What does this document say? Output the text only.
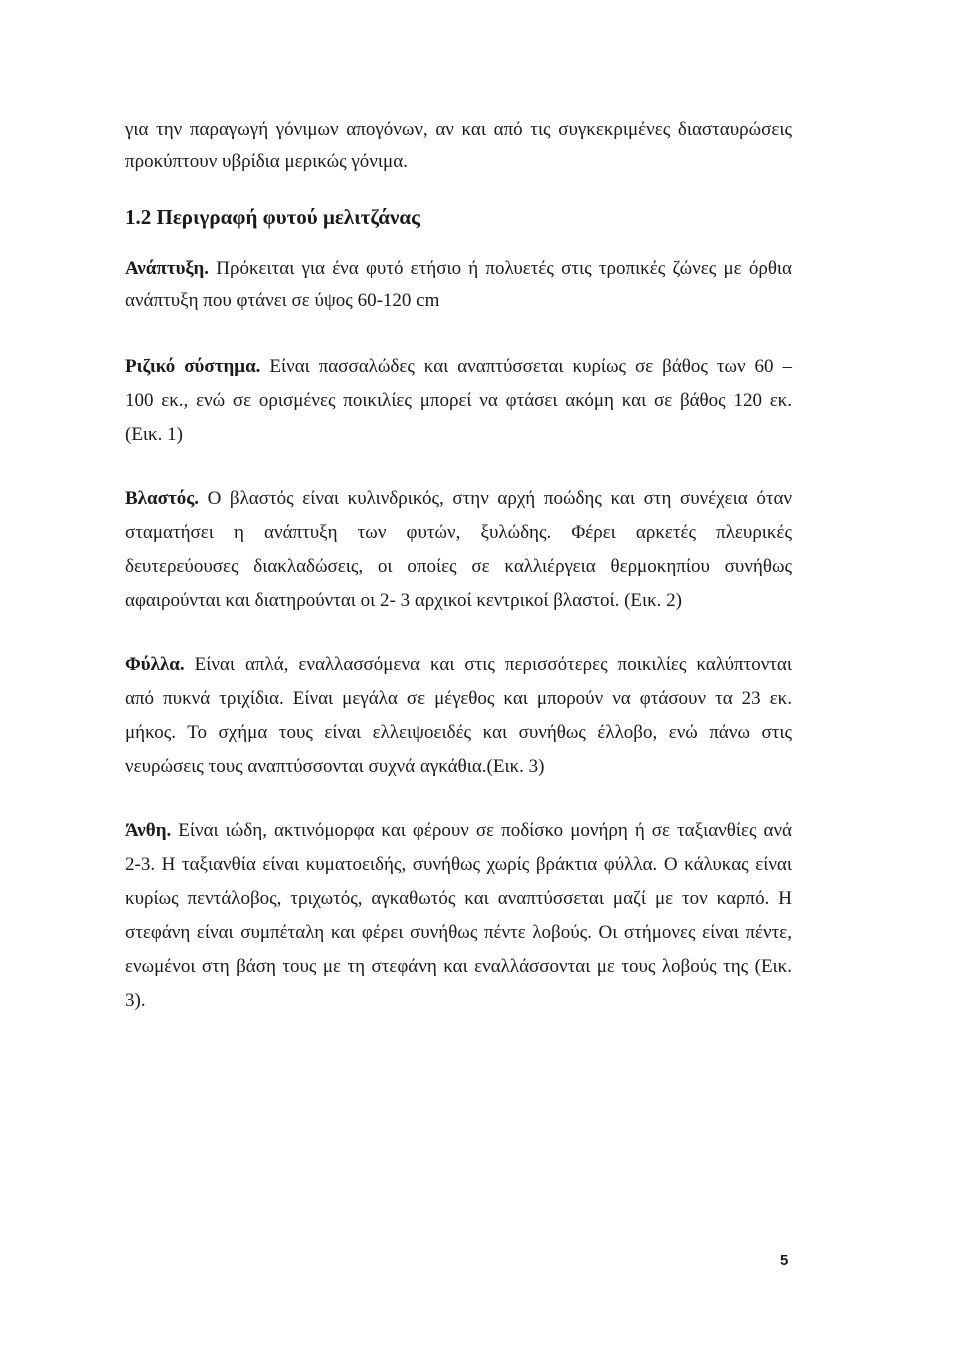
για την παραγωγή γόνιμων απογόνων, αν και από τις συγκεκριμένες διασταυρώσεις
προκύπτουν υβρίδια μερικώς γόνιμα.
1.2 Περιγραφή φυτού μελιτζάνας
Ανάπτυξη. Πρόκειται για ένα φυτό ετήσιο ή πολυετές στις τροπικές ζώνες με όρθια
ανάπτυξη που φτάνει σε ύψος 60-120 cm
Ριζικό σύστημα. Είναι πασσαλώδες και αναπτύσσεται κυρίως σε βάθος των 60 –
100 εκ., ενώ σε ορισμένες ποικιλίες μπορεί να φτάσει ακόμη και σε βάθος 120 εκ.
(Εικ. 1)
Βλαστός. Ο βλαστός είναι κυλινδρικός, στην αρχή ποώδης και στη συνέχεια όταν
σταματήσει η ανάπτυξη των φυτών, ξυλώδης. Φέρει αρκετές πλευρικές
δευτερεύουσες διακλαδώσεις, οι οποίες σε καλλιέργεια θερμοκηπίου συνήθως
αφαιρούνται και διατηρούνται οι 2- 3 αρχικοί κεντρικοί βλαστοί. (Εικ. 2)
Φύλλα. Είναι απλά, εναλλασσόμενα και στις περισσότερες ποικιλίες καλύπτονται
από πυκνά τριχίδια. Είναι μεγάλα σε μέγεθος και μπορούν να φτάσουν τα 23 εκ.
μήκος. Το σχήμα τους είναι ελλειψοειδές και συνήθως έλλοβο, ενώ πάνω στις
νευρώσεις τους αναπτύσσονται συχνά αγκάθια.(Εικ. 3)
Άνθη. Είναι ιώδη, ακτινόμορφα και φέρουν σε ποδίσκο μονήρη ή σε ταξιανθίες ανά
2-3. Η ταξιανθία είναι κυματοειδής, συνήθως χωρίς βράκτια φύλλα. Ο κάλυκας είναι
κυρίως πεντάλοβος, τριχωτός, αγκαθωτός και αναπτύσσεται μαζί με τον καρπό. Η
στεφάνη είναι συμπέταλη και φέρει συνήθως πέντε λοβούς. Οι στήμονες είναι πέντε,
ενωμένοι στη βάση τους με τη στεφάνη και εναλλάσσονται με τους λοβούς της (Εικ.
3).
5
